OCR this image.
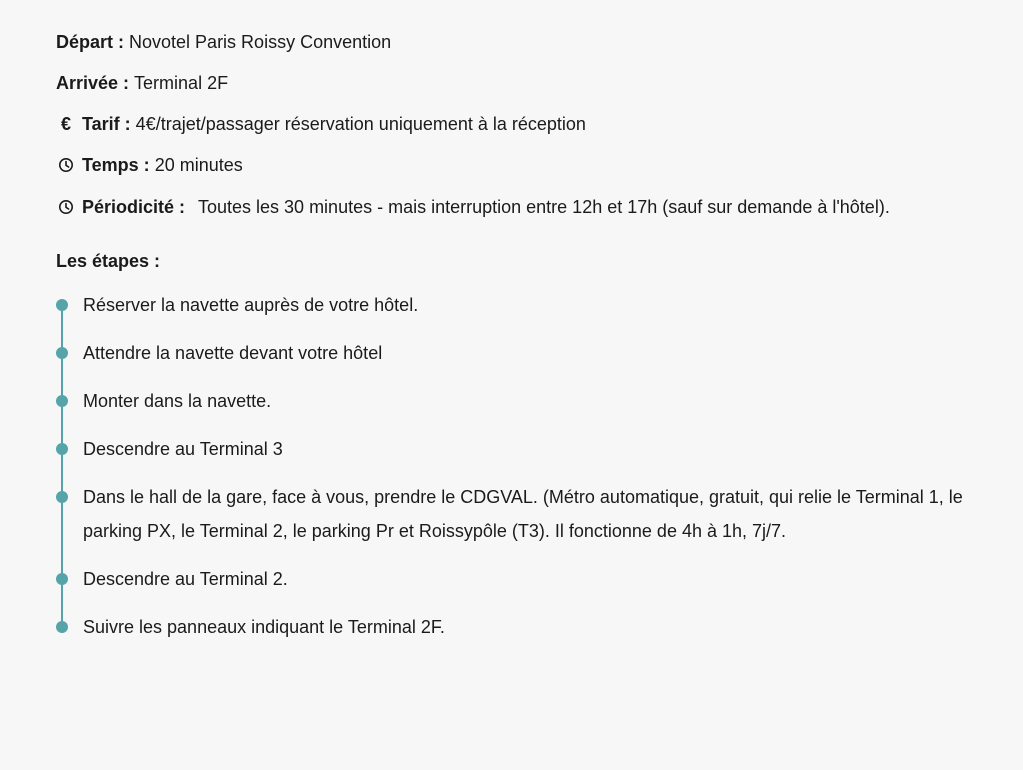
Départ : Novotel Paris Roissy Convention
Arrivée : Terminal 2F
€ Tarif : 4€/trajet/passager réservation uniquement à la réception
Temps : 20 minutes
Périodicité : Toutes les 30 minutes - mais interruption entre 12h et 17h (sauf sur demande à l'hôtel).
Les étapes :
Réserver la navette auprès de votre hôtel.
Attendre la navette devant votre hôtel
Monter dans la navette.
Descendre au Terminal 3
Dans le hall de la gare, face à vous, prendre le CDGVAL. (Métro automatique, gratuit, qui relie le Terminal 1, le parking PX, le Terminal 2, le parking Pr et Roissypôle (T3). Il fonctionne de 4h à 1h, 7j/7.
Descendre au Terminal 2.
Suivre les panneaux indiquant le Terminal 2F.
